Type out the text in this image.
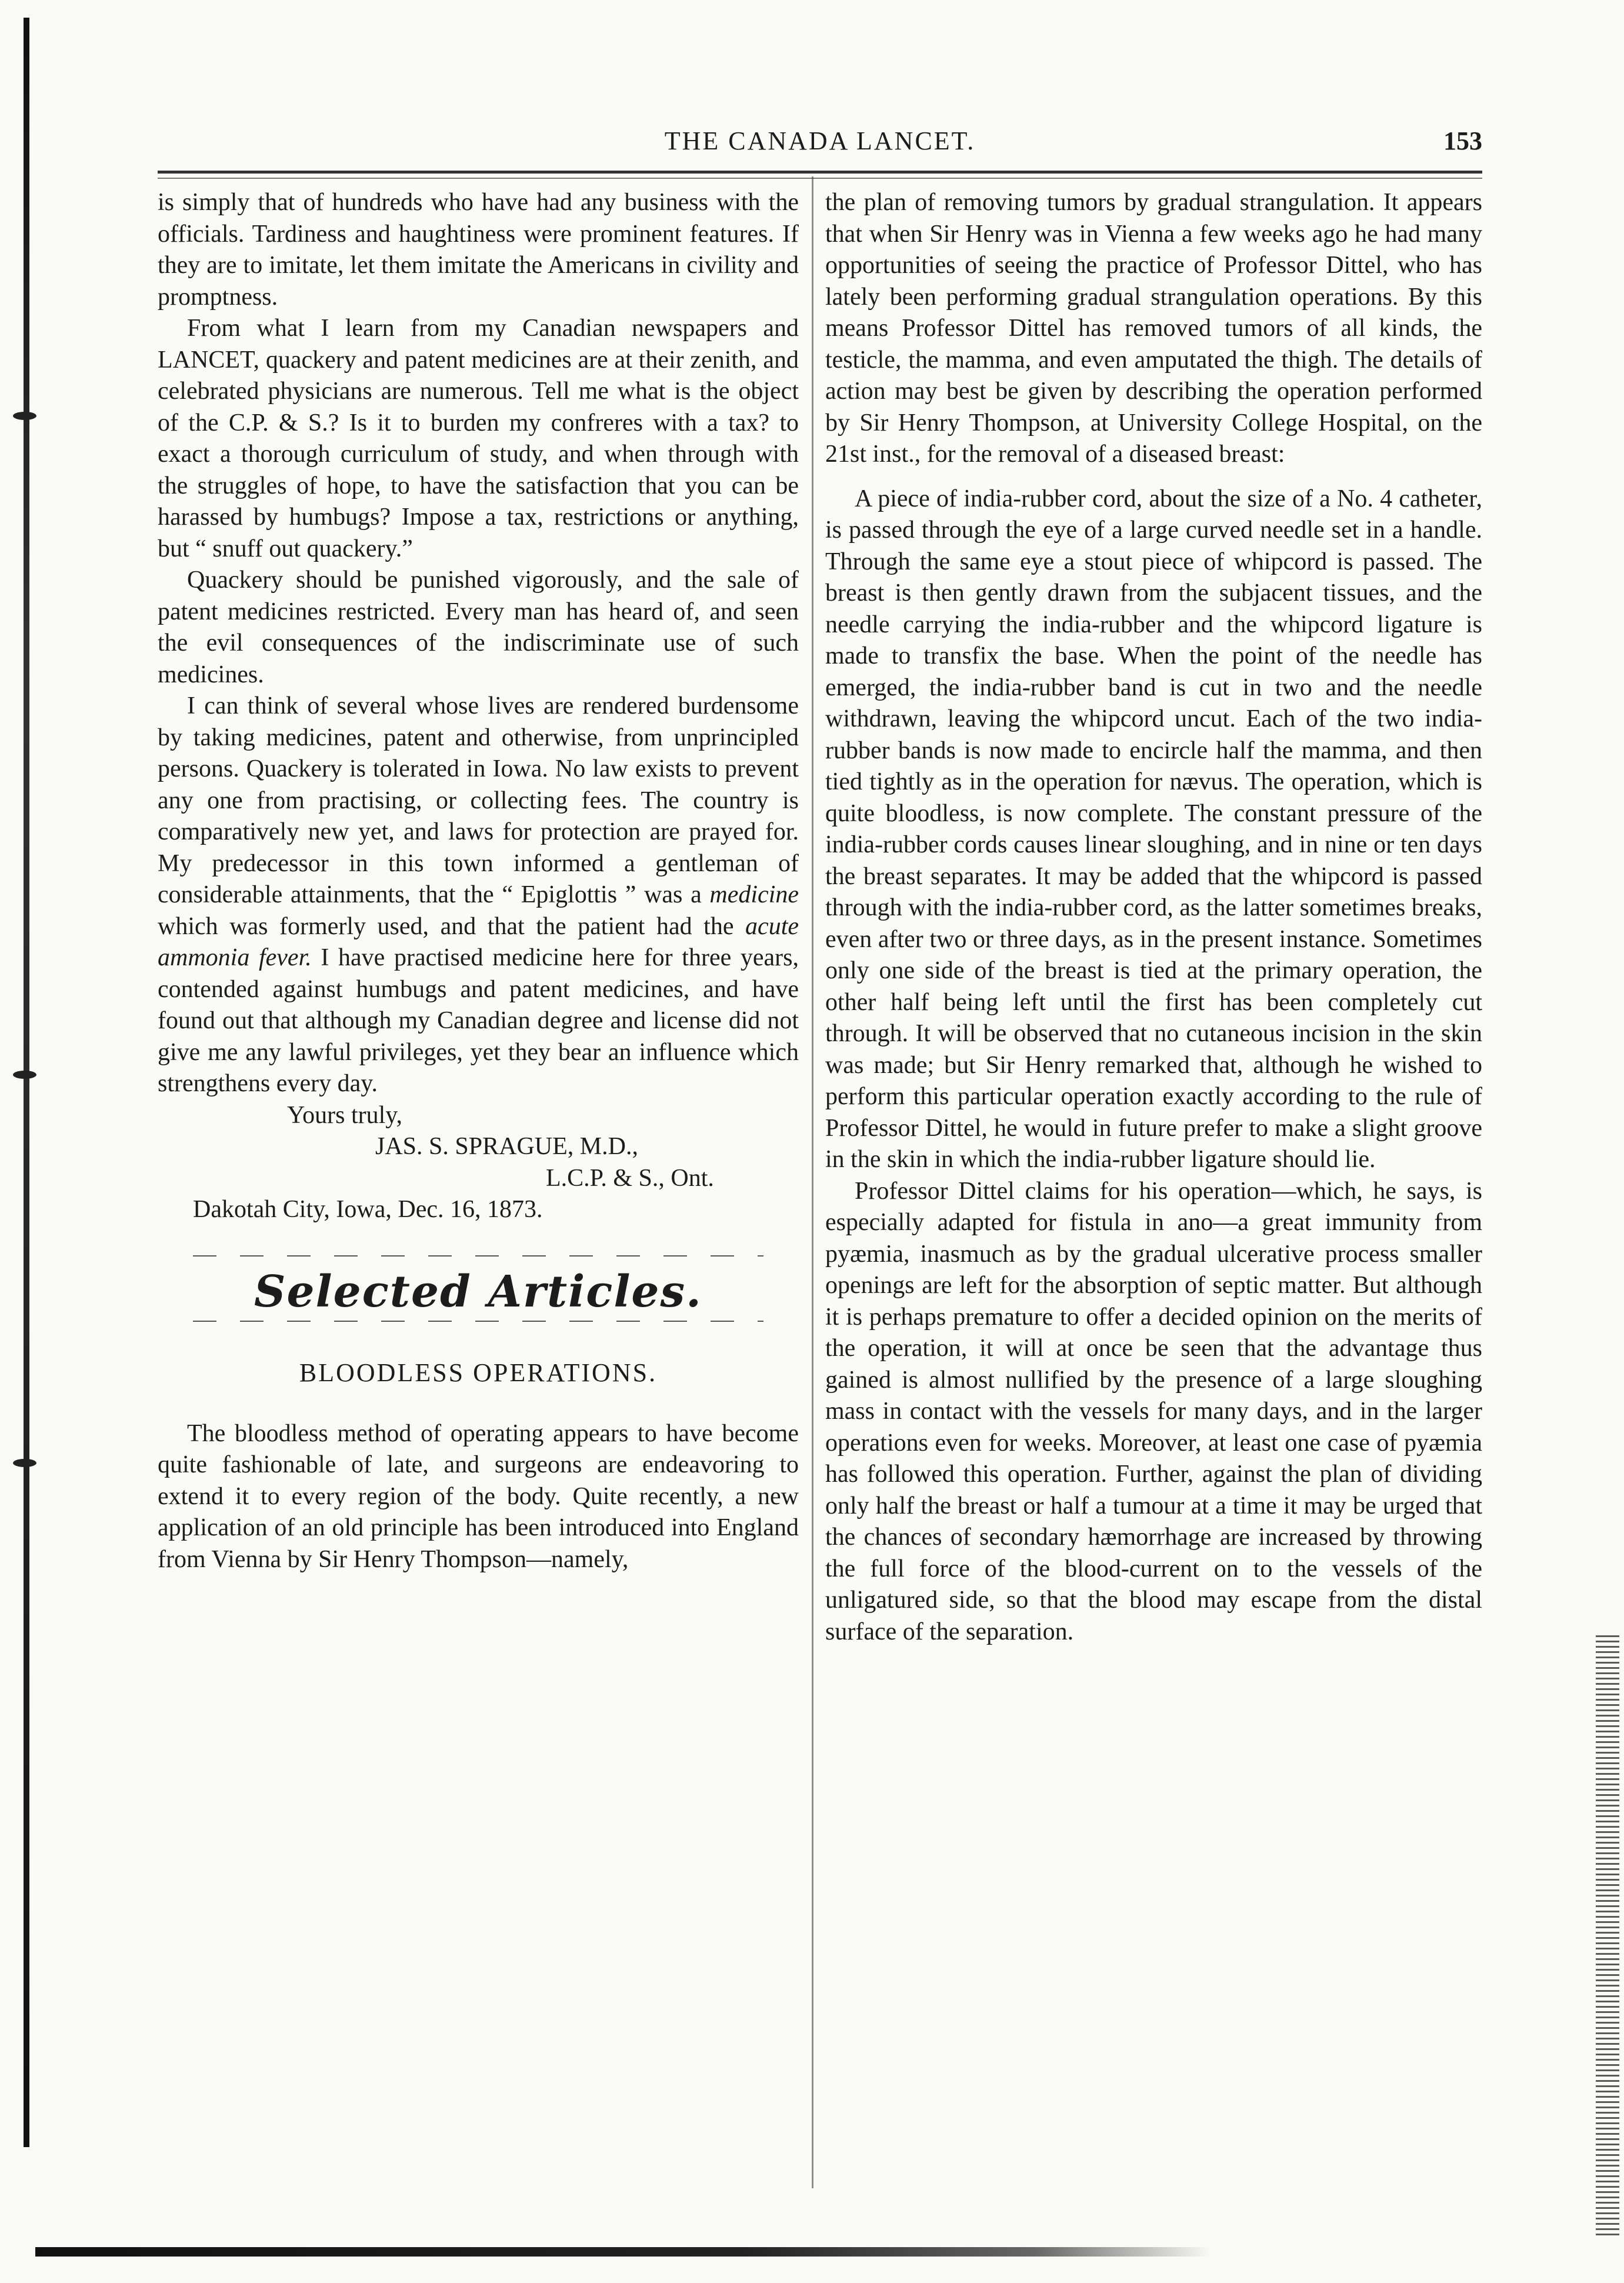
THE CANADA LANCET.	153

is simply that of hundreds who have had any business with the officials. Tardiness and haughtiness were prominent features. If they are to imitate, let them imitate the Americans in civility and promptness.

From what I learn from my Canadian newspapers and LANCET, quackery and patent medicines are at their zenith, and celebrated physicians are numerous. Tell me what is the object of the C.P. & S.? Is it to burden my confreres with a tax? to exact a thorough curriculum of study, and when through with the struggles of hope, to have the satisfaction that you can be harassed by humbugs? Impose a tax, restrictions or anything, but “ snuff out quackery.”

Quackery should be punished vigorously, and the sale of patent medicines restricted. Every man has heard of, and seen the evil consequences of the indiscriminate use of such medicines.

I can think of several whose lives are rendered burdensome by taking medicines, patent and otherwise, from unprincipled persons. Quackery is tolerated in Iowa. No law exists to prevent any one from practising, or collecting fees. The country is comparatively new yet, and laws for protection are prayed for. My predecessor in this town informed a gentleman of considerable attainments, that the “ Epiglottis ” was a medicine which was formerly used, and that the patient had the acute ammonia fever. I have practised medicine here for three years, contended against humbugs and patent medicines, and have found out that although my Canadian degree and license did not give me any lawful privileges, yet they bear an influence which strengthens every day.

Yours truly,

JAS. S. SPRAGUE, M.D.,

L.C.P. & S., Ont.

Dakotah City, Iowa, Dec. 16, 1873.

Selected Articles.
BLOODLESS OPERATIONS.

The bloodless method of operating appears to have become quite fashionable of late, and surgeons are endeavoring to extend it to every region of the body. Quite recently, a new application of an old principle has been introduced into England from Vienna by Sir Henry Thompson—namely,

the plan of removing tumors by gradual strangulation. It appears that when Sir Henry was in Vienna a few weeks ago he had many opportunities of seeing the practice of Professor Dittel, who has lately been performing gradual strangulation operations. By this means Professor Dittel has removed tumors of all kinds, the testicle, the mamma, and even amputated the thigh. The details of action may best be given by describing the operation performed by Sir Henry Thompson, at University College Hospital, on the 21st inst., for the removal of a diseased breast:

A piece of india-rubber cord, about the size of a No. 4 catheter, is passed through the eye of a large curved needle set in a handle. Through the same eye a stout piece of whipcord is passed. The breast is then gently drawn from the subjacent tissues, and the needle carrying the india-rubber and the whipcord ligature is made to transfix the base. When the point of the needle has emerged, the india-rubber band is cut in two and the needle withdrawn, leaving the whipcord uncut. Each of the two india-rubber bands is now made to encircle half the mamma, and then tied tightly as in the operation for nævus. The operation, which is quite bloodless, is now complete. The constant pressure of the india-rubber cords causes linear sloughing, and in nine or ten days the breast separates. It may be added that the whipcord is passed through with the india-rubber cord, as the latter sometimes breaks, even after two or three days, as in the present instance. Sometimes only one side of the breast is tied at the primary operation, the other half being left until the first has been completely cut through. It will be observed that no cutaneous incision in the skin was made; but Sir Henry remarked that, although he wished to perform this particular operation exactly according to the rule of Professor Dittel, he would in future prefer to make a slight groove in the skin in which the india-rubber ligature should lie.

Professor Dittel claims for his operation—which, he says, is especially adapted for fistula in ano—a great immunity from pyæmia, inasmuch as by the gradual ulcerative process smaller openings are left for the absorption of septic matter. But although it is perhaps premature to offer a decided opinion on the merits of the operation, it will at once be seen that the advantage thus gained is almost nullified by the presence of a large sloughing mass in contact with the vessels for many days, and in the larger operations even for weeks. Moreover, at least one case of pyæmia has followed this operation. Further, against the plan of dividing only half the breast or half a tumour at a time it may be urged that the chances of secondary hæmorrhage are increased by throwing the full force of the blood-current on to the vessels of the unligatured side, so that the blood may escape from the distal surface of the separation.
